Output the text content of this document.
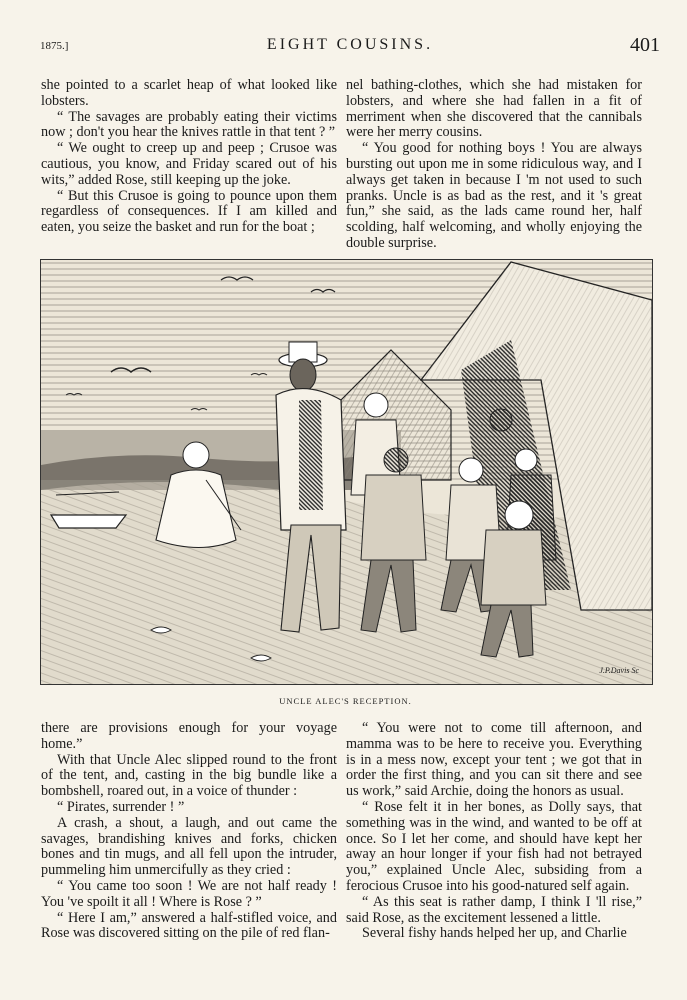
1875.]	EIGHT COUSINS.	401

she pointed to a scarlet heap of what looked like lobsters.

“ The savages are probably eating their victims now ; don't you hear the knives rattle in that tent ? ”

“ We ought to creep up and peep ; Crusoe was cautious, you know, and Friday scared out of his wits,” added Rose, still keeping up the joke.

“ But this Crusoe is going to pounce upon them regardless of consequences. If I am killed and eaten, you seize the basket and run for the boat ;

nel bathing-clothes, which she had mistaken for lobsters, and where she had fallen in a fit of merriment when she discovered that the cannibals were her merry cousins.

“ You good for nothing boys ! You are always bursting out upon me in some ridiculous way, and I always get taken in because I 'm not used to such pranks. Uncle is as bad as the rest, and it 's great fun,” she said, as the lads came round her, half scolding, half welcoming, and wholly enjoying the double surprise.

J.P.Davis Sc
UNCLE ALEC'S RECEPTION.

there are provisions enough for your voyage home.”

With that Uncle Alec slipped round to the front of the tent, and, casting in the big bundle like a bombshell, roared out, in a voice of thunder :

“ Pirates, surrender ! ”

A crash, a shout, a laugh, and out came the savages, brandishing knives and forks, chicken bones and tin mugs, and all fell upon the intruder, pummeling him unmercifully as they cried :

“ You came too soon ! We are not half ready ! You 've spoilt it all ! Where is Rose ? ”

“ Here I am,” answered a half-stifled voice, and Rose was discovered sitting on the pile of red flan-

“ You were not to come till afternoon, and mamma was to be here to receive you. Everything is in a mess now, except your tent ; we got that in order the first thing, and you can sit there and see us work,” said Archie, doing the honors as usual.

“ Rose felt it in her bones, as Dolly says, that something was in the wind, and wanted to be off at once. So I let her come, and should have kept her away an hour longer if your fish had not betrayed you,” explained Uncle Alec, subsiding from a ferocious Crusoe into his good-natured self again.

“ As this seat is rather damp, I think I 'll rise,” said Rose, as the excitement lessened a little.

Several fishy hands helped her up, and Charlie
